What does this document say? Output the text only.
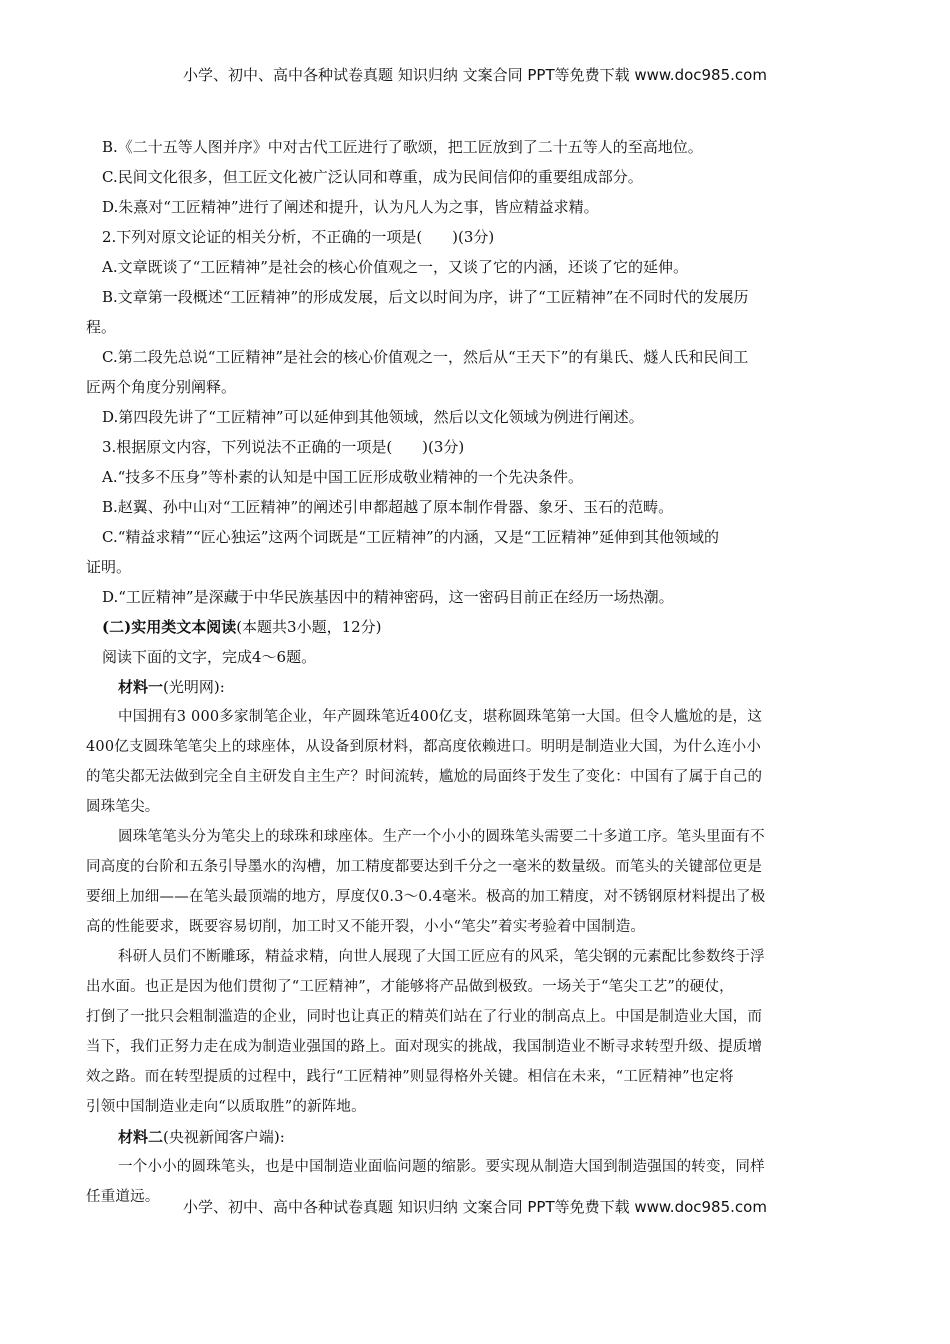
小学、初中、高中各种试卷真题 知识归纳 文案合同 PPT等免费下载 www.doc985.com

B.《二十五等人图并序》中对古代工匠进行了歌颂，把工匠放到了二十五等人的至高地位。

C.民间文化很多，但工匠文化被广泛认同和尊重，成为民间信仰的重要组成部分。

D.朱熹对“工匠精神”进行了阐述和提升，认为凡人为之事，皆应精益求精。

2.下列对原文论证的相关分析，不正确的一项是(　　)(3分)

A.文章既谈了“工匠精神”是社会的核心价值观之一，又谈了它的内涵，还谈了它的延伸。

B.文章第一段概述“工匠精神”的形成发展，后文以时间为序，讲了“工匠精神”在不同时代的发展历

程。

C.第二段先总说“工匠精神”是社会的核心价值观之一，然后从“王天下”的有巢氏、燧人氏和民间工

匠两个角度分别阐释。

D.第四段先讲了“工匠精神”可以延伸到其他领域，然后以文化领域为例进行阐述。

3.根据原文内容，下列说法不正确的一项是(　　)(3分)

A.“技多不压身”等朴素的认知是中国工匠形成敬业精神的一个先决条件。

B.赵翼、孙中山对“工匠精神”的阐述引申都超越了原本制作骨器、象牙、玉石的范畴。

C.“精益求精”“匠心独运”这两个词既是“工匠精神”的内涵，又是“工匠精神”延伸到其他领域的

证明。

D.“工匠精神”是深藏于中华民族基因中的精神密码，这一密码目前正在经历一场热潮。

(二)实用类文本阅读(本题共3小题，12分)

阅读下面的文字，完成4～6题。

材料一(光明网):

中国拥有3 000多家制笔企业，年产圆珠笔近400亿支，堪称圆珠笔第一大国。但令人尴尬的是，这

400亿支圆珠笔笔尖上的球座体，从设备到原材料，都高度依赖进口。明明是制造业大国，为什么连小小

的笔尖都无法做到完全自主研发自主生产？时间流转，尴尬的局面终于发生了变化：中国有了属于自己的

圆珠笔尖。

圆珠笔笔头分为笔尖上的球珠和球座体。生产一个小小的圆珠笔头需要二十多道工序。笔头里面有不

同高度的台阶和五条引导墨水的沟槽，加工精度都要达到千分之一毫米的数量级。而笔头的关键部位更是

要细上加细——在笔头最顶端的地方，厚度仅0.3～0.4毫米。极高的加工精度，对不锈钢原材料提出了极

高的性能要求，既要容易切削，加工时又不能开裂，小小“笔尖”着实考验着中国制造。

科研人员们不断雕琢，精益求精，向世人展现了大国工匠应有的风采，笔尖钢的元素配比参数终于浮

出水面。也正是因为他们贯彻了“工匠精神”，才能够将产品做到极致。一场关于“笔尖工艺”的硬仗，

打倒了一批只会粗制滥造的企业，同时也让真正的精英们站在了行业的制高点上。中国是制造业大国，而

当下，我们正努力走在成为制造业强国的路上。面对现实的挑战，我国制造业不断寻求转型升级、提质增

效之路。而在转型提质的过程中，践行“工匠精神”则显得格外关键。相信在未来，“工匠精神”也定将

引领中国制造业走向“以质取胜”的新阵地。

材料二(央视新闻客户端):

一个小小的圆珠笔头，也是中国制造业面临问题的缩影。要实现从制造大国到制造强国的转变，同样

任重道远。

小学、初中、高中各种试卷真题 知识归纳 文案合同 PPT等免费下载 www.doc985.com
